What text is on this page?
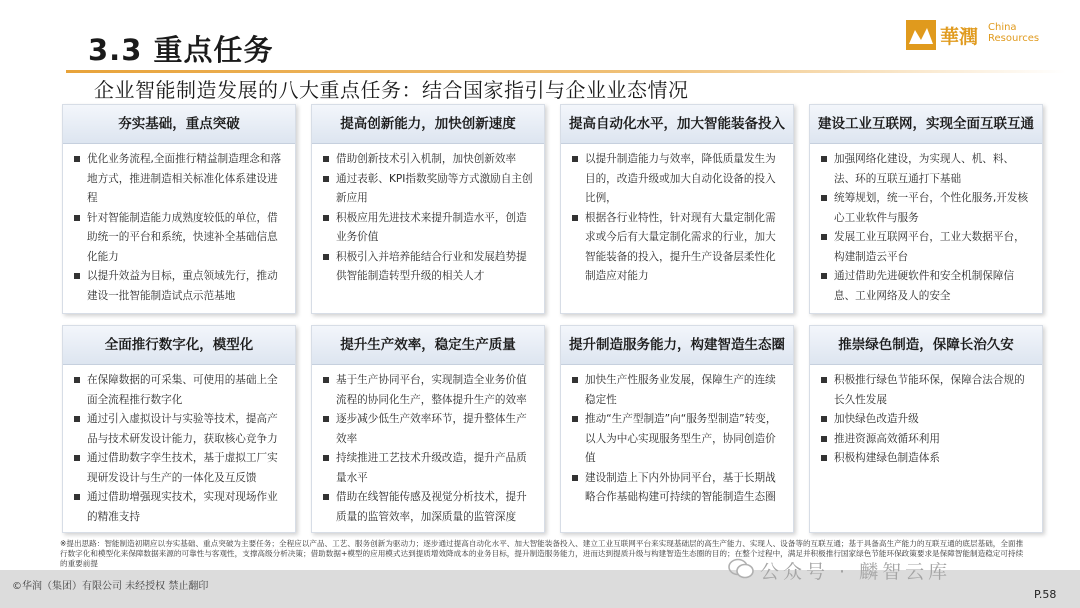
3.3 重点任务	華潤 China
Resources
企业智能制造发展的八大重点任务：结合国家指引与企业业态情况
夯实基础，重点突破
优化业务流程,全面推行精益制造理念和落地方式，推进制造相关标准化体系建设进程
针对智能制造能力成熟度较低的单位，借助统一的平台和系统，快速补全基础信息化能力
以提升效益为目标，重点领域先行，推动建设一批智能制造试点示范基地
提高创新能力，加快创新速度
借助创新技术引入机制，加快创新效率
通过表彰、KPI指数奖励等方式激励自主创新应用
积极应用先进技术来提升制造水平，创造业务价值
积极引入并培养能结合行业和发展趋势提供智能制造转型升级的相关人才
提高自动化水平，加大智能装备投入
以提升制造能力与效率，降低质量发生为目的，改造升级或加大自动化设备的投入比例，
根据各行业特性，针对现有大量定制化需求或今后有大量定制化需求的行业，加大智能装备的投入，提升生产设备层柔性化制造应对能力
建设工业互联网，实现全面互联互通
加强网络化建设，为实现人、机、料、法、环的互联互通打下基础
统筹规划，统一平台，个性化服务,开发核心工业软件与服务
发展工业互联网平台，工业大数据平台，构建制造云平台
通过借助先进硬软件和安全机制保障信息、工业网络及人的安全
全面推行数字化，模型化
在保障数据的可采集、可使用的基础上全面全流程推行数字化
通过引入虚拟设计与实验等技术，提高产品与技术研发设计能力，获取核心竞争力
通过借助数字孪生技术，基于虚拟工厂实现研发设计与生产的一体化及互反馈
通过借助增强现实技术，实现对现场作业的精准支持
提升生产效率，稳定生产质量
基于生产协同平台，实现制造全业务价值流程的协同化生产，整体提升生产的效率
逐步减少低生产效率环节，提升整体生产效率
持续推进工艺技术升级改造，提升产品质量水平
借助在线智能传感及视觉分析技术，提升质量的监管效率，加深质量的监管深度
提升制造服务能力，构建智造生态圈
加快生产性服务业发展，保障生产的连续稳定性
推动“生产型制造”向“服务型制造”转变，以人为中心实现服务型生产，协同创造价值
建设制造上下内外协同平台，基于长期战略合作基础构建可持续的智能制造生态圈
推崇绿色制造，保障长治久安
积极推行绿色节能环保，保障合法合规的长久性发展
加快绿色改造升级
推进资源高效循环利用
积极构建绿色制造体系
※提出思路：智能制造初期应以夯实基础、重点突破为主要任务；全程应以产品、工艺、服务创新为驱动力；逐步通过提高自动化水平、加大智能装备投入、建立工业互联网平台来实现基础层的高生产能力、实现人、设备等的互联互通；基于具备高生产能力的互联互通的底层基础，全面推行数字化和模型化来保障数据来源的可靠性与客观性，支撑高级分析决策；借助数据+模型的应用模式达到提质增效降成本的业务目标，提升制造服务能力，进而达到提质升级与构建智造生态圈的目的；在整个过程中，满足并积极推行国家绿色节能环保政策要求是保障智能制造稳定可持续的重要前提
©华润（集团）有限公司 未经授权 禁止翻印
公众号 · 麟智云库
P.58
